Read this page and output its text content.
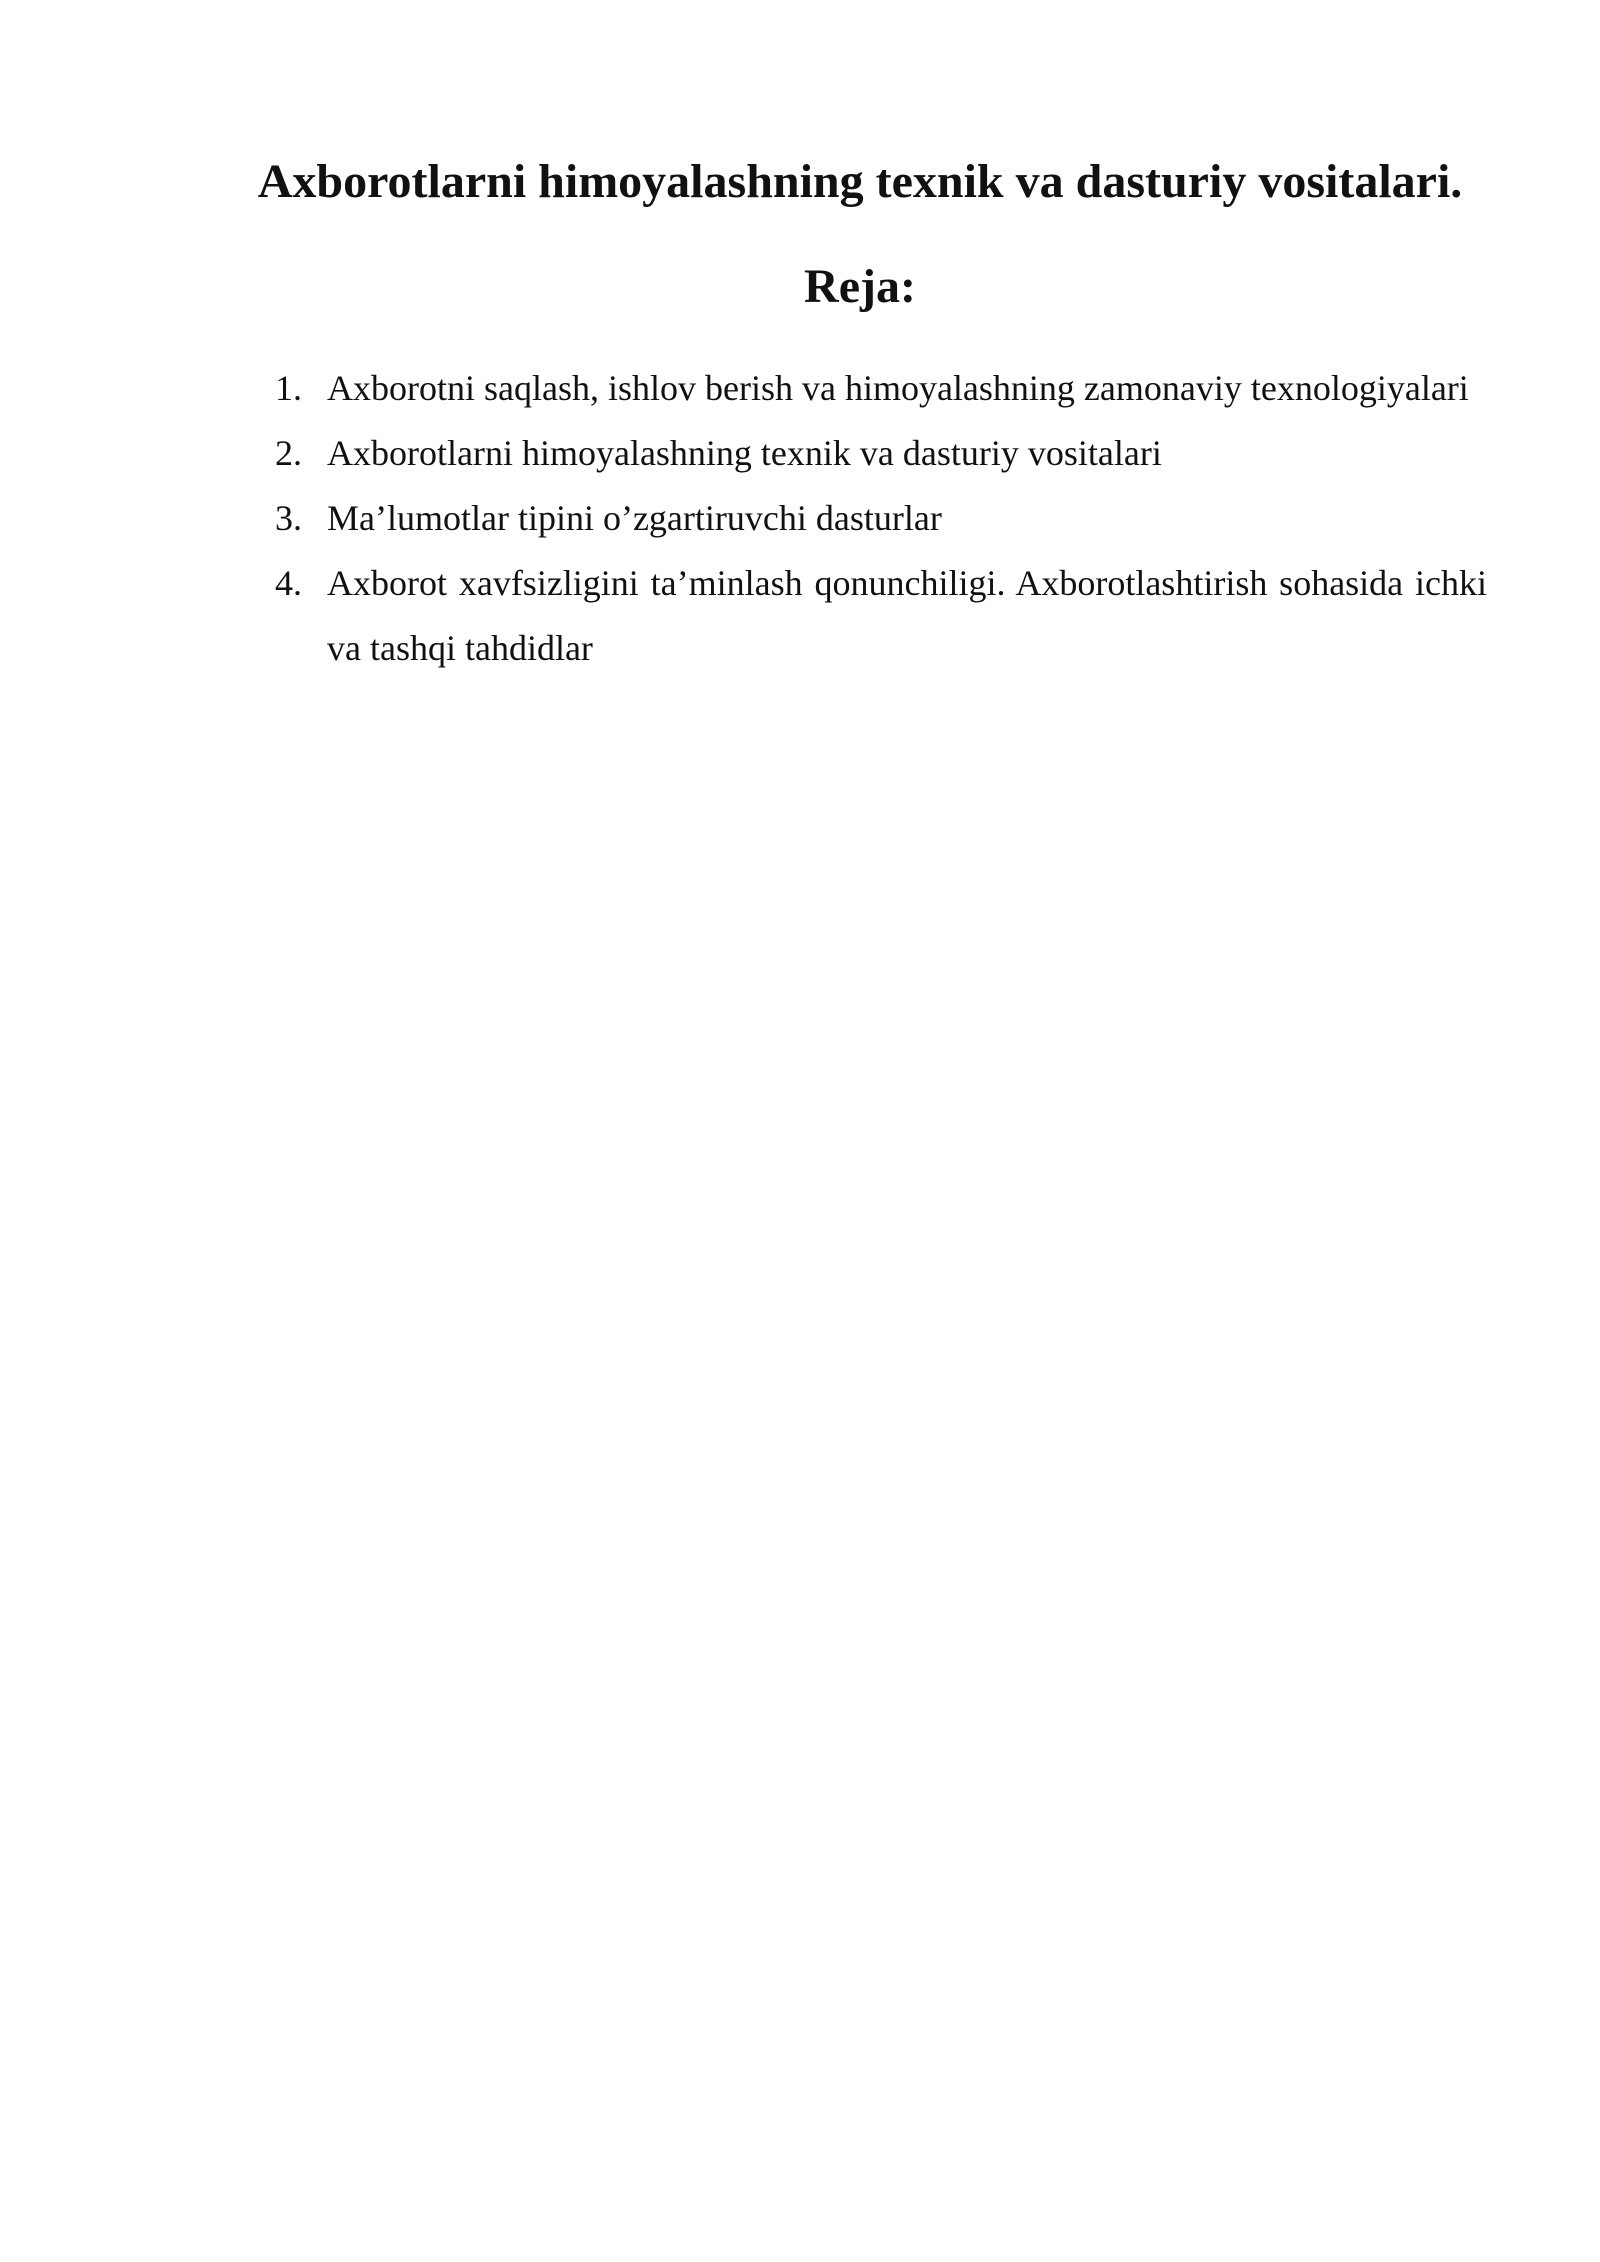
Axborotlarni himoyalashning texnik va dasturiy vositalari.
Reja:
1. Axborotni saqlash, ishlov berish va himoyalashning zamonaviy texnologiyalari
2. Axborotlarni himoyalashning texnik va dasturiy vositalari
3. Ma’lumotlar tipini o’zgartiruvchi dasturlar
4. Axborot xavfsizligini ta’minlash qonunchiligi. Axborotlashtirish sohasida ichki va tashqi tahdidlar
